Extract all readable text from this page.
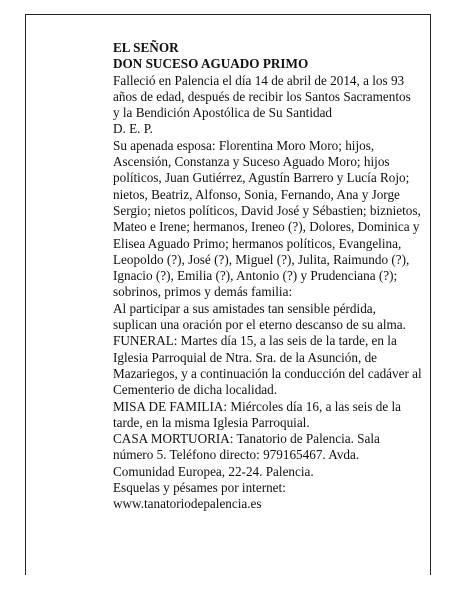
EL SEÑOR

DON SUCESO AGUADO PRIMO

Falleció en Palencia el día 14 de abril de 2014, a los 93 años de edad, después de recibir los Santos Sacramentos

y la Bendición Apostólica de Su Santidad

D. E. P.

Su apenada esposa: Florentina Moro Moro; hijos, Ascensión, Constanza y Suceso Aguado Moro; hijos políticos, Juan Gutiérrez, Agustín Barrero y Lucía Rojo; nietos, Beatriz, Alfonso, Sonia, Fernando, Ana y Jorge Sergio; nietos políticos, David José y Sébastien; biznietos, Mateo e Irene; hermanos, Ireneo (?), Dolores, Dominica y Elisea Aguado Primo; hermanos políticos, Evangelina, Leopoldo (?), José (?), Miguel (?), Julita, Raimundo (?), Ignacio (?), Emilia (?), Antonio (?) y Prudenciana (?); sobrinos, primos y demás familia:

Al participar a sus amistades tan sensible pérdida, suplican una oración por el eterno descanso de su alma.

FUNERAL: Martes día 15, a las seis de la tarde, en la Iglesia Parroquial de Ntra. Sra. de la Asunción, de Mazariegos, y a continuación la conducción del cadáver al Cementerio de dicha localidad.

MISA DE FAMILIA: Miércoles día 16, a las seis de la tarde, en la misma Iglesia Parroquial.

CASA MORTUORIA: Tanatorio de Palencia. Sala número 5. Teléfono directo: 979165467. Avda. Comunidad Europea, 22-24. Palencia.

Esquelas y pésames por internet:

www.tanatoriodepalencia.es
